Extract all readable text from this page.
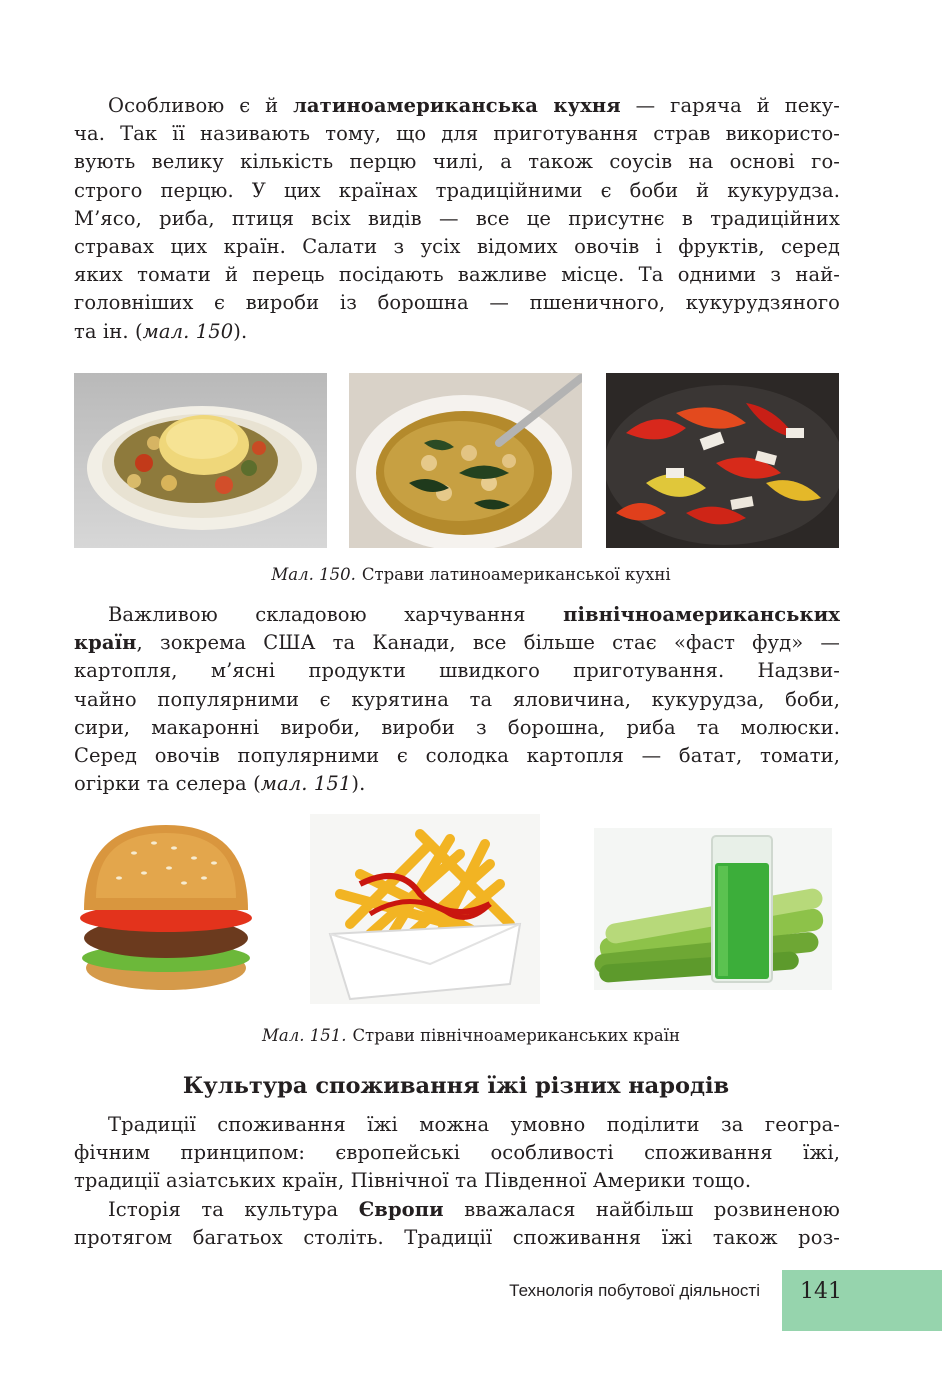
Особливою є й латиноамериканська кухня — гаряча й пеку-
ча. Так її називають тому, що для приготування страв використо-
вують велику кількість перцю чилі, а також соусів на основі го-
строго перцю. У цих країнах традиційними є боби й кукурудза.
М’ясо, риба, птиця всіх видів — все це присутнє в традиційних
стравах цих країн. Салати з усіх відомих овочів і фруктів, серед
яких томати й перець посідають важливе місце. Та одними з най-
головніших є вироби із борошна — пшеничного, кукурудзяного
та ін. (мал. 150).
Мал. 150. Страви латиноамериканської кухні
Важливою складовою харчування північноамериканських
країн, зокрема США та Канади, все більше стає «фаст фуд» —
картопля, м’ясні продукти швидкого приготування. Надзви-
чайно популярними є курятина та яловичина, кукурудза, боби,
сири, макаронні вироби, вироби з борошна, риба та молюски.
Серед овочів популярними є солодка картопля — батат, томати,
огірки та селера (мал. 151).
Мал. 151. Страви північноамериканських країн
Культура споживання їжі різних народів
Традиції споживання їжі можна умовно поділити за геогра-
фічним принципом: європейські особливості споживання їжі,
традиції азіатських країн, Північної та Південної Америки тощо.
Історія та культура Європи вважалася найбільш розвиненою
протягом багатьох століть. Традиції споживання їжі також роз-
Технологія побутової діяльності	141
